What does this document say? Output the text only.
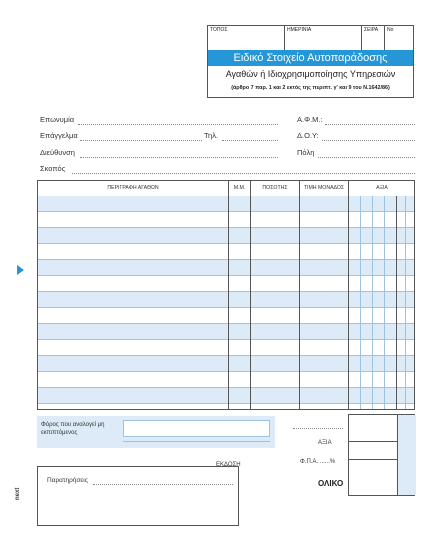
ΤΟΠΟΣ	ΗΜΕΡΙΝΙΑ	ΣΕΙΡΑ Νο
Ειδικό Στοιχείο Αυτοπαράδοσης
Αγαθών ή Ιδιοχρησιμοποίησης Υπηρεσιών
(άρθρο 7 παρ. 1 και 2 εκτός της περιπτ. γ' και 9 του Ν.1642/86)
Επωνυμία	Α.Φ.Μ.:
Επάγγελμα	Τηλ.	Δ.Ο.Υ:
Διεύθυνση	Πόλη
Σκοπός
ΠΕΡΙΓΡΑΦΗ ΑΓΑΘΩΝ	Μ.Μ.	ΠΟΣΟΤΗΣ	ΤΙΜΗ ΜΟΝΑΔΟΣ	ΑΞΙΑ
Φόρος που αναλογεί μη εκπιπτόμενος
ΑΞΙΑ
Φ.Π.Α. ......%
ΟΛΙΚΟ
ΕΚΔΟΣΗ
Παρατηρήσεις
next
